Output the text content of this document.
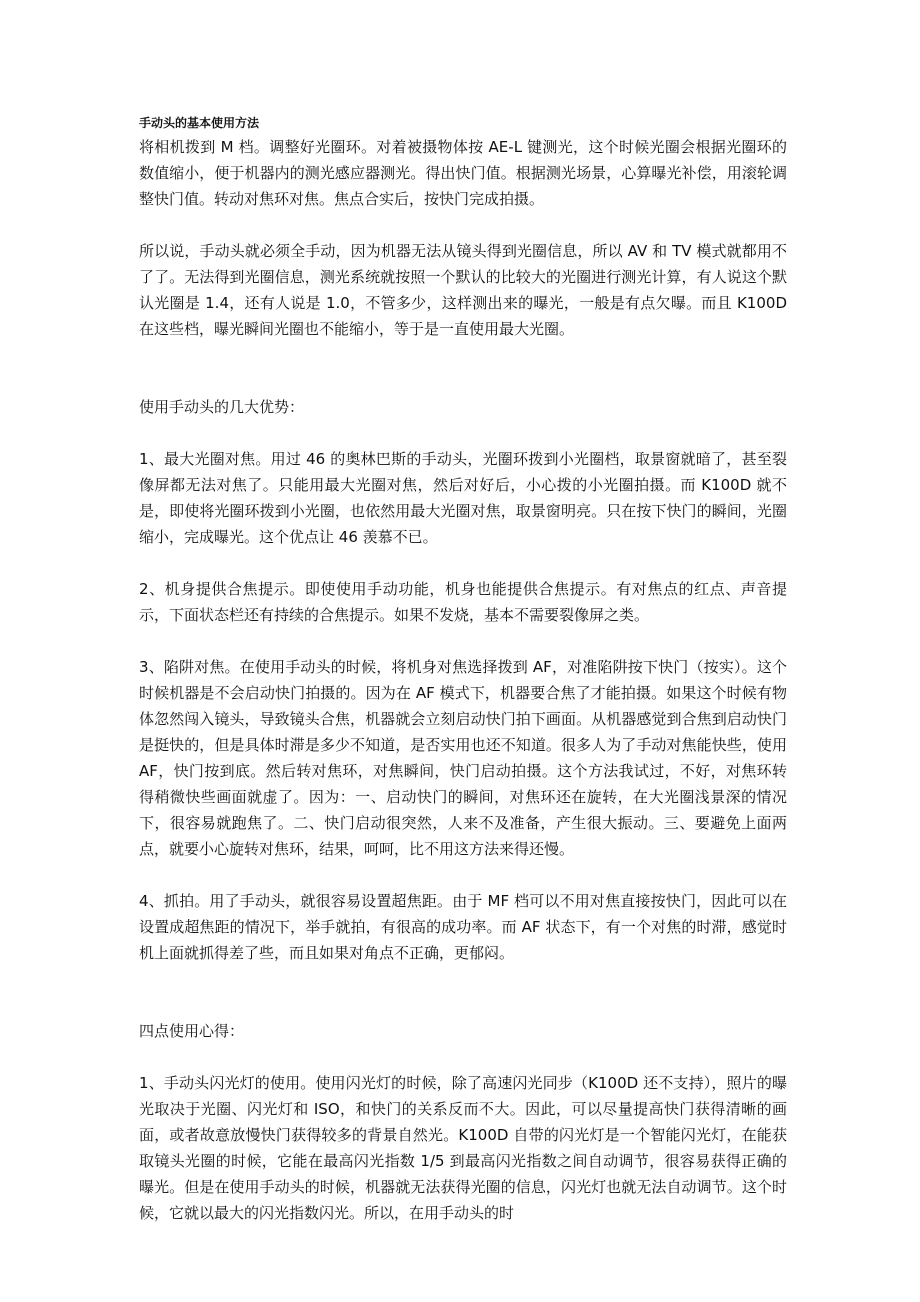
手动头的基本使用方法

将相机拨到 M 档。调整好光圈环。对着被摄物体按 AE-L 键测光，这个时候光圈会根据光圈环的数值缩小，便于机器内的测光感应器测光。得出快门值。根据测光场景，心算曝光补偿，用滚轮调整快门值。转动对焦环对焦。焦点合实后，按快门完成拍摄。

所以说，手动头就必须全手动，因为机器无法从镜头得到光圈信息，所以 AV 和 TV 模式就都用不了了。无法得到光圈信息，测光系统就按照一个默认的比较大的光圈进行测光计算，有人说这个默认光圈是 1.4，还有人说是 1.0，不管多少，这样测出来的曝光，一般是有点欠曝。而且 K100D 在这些档，曝光瞬间光圈也不能缩小，等于是一直使用最大光圈。

使用手动头的几大优势：

1、最大光圈对焦。用过 46 的奥林巴斯的手动头，光圈环拨到小光圈档，取景窗就暗了，甚至裂像屏都无法对焦了。只能用最大光圈对焦，然后对好后，小心拨的小光圈拍摄。而 K100D 就不是，即使将光圈环拨到小光圈，也依然用最大光圈对焦，取景窗明亮。只在按下快门的瞬间，光圈缩小，完成曝光。这个优点让 46 羡慕不已。

2、机身提供合焦提示。即使使用手动功能，机身也能提供合焦提示。有对焦点的红点、声音提示，下面状态栏还有持续的合焦提示。如果不发烧，基本不需要裂像屏之类。

3、陷阱对焦。在使用手动头的时候，将机身对焦选择拨到 AF，对准陷阱按下快门（按实）。这个时候机器是不会启动快门拍摄的。因为在 AF 模式下，机器要合焦了才能拍摄。如果这个时候有物体忽然闯入镜头，导致镜头合焦，机器就会立刻启动快门拍下画面。从机器感觉到合焦到启动快门是挺快的，但是具体时滞是多少不知道，是否实用也还不知道。很多人为了手动对焦能快些，使用 AF，快门按到底。然后转对焦环，对焦瞬间，快门启动拍摄。这个方法我试过，不好，对焦环转得稍微快些画面就虚了。因为：一、启动快门的瞬间，对焦环还在旋转，在大光圈浅景深的情况下，很容易就跑焦了。二、快门启动很突然，人来不及准备，产生很大振动。三、要避免上面两点，就要小心旋转对焦环，结果，呵呵，比不用这方法来得还慢。

4、抓拍。用了手动头，就很容易设置超焦距。由于 MF 档可以不用对焦直接按快门，因此可以在设置成超焦距的情况下，举手就拍，有很高的成功率。而 AF 状态下，有一个对焦的时滞，感觉时机上面就抓得差了些，而且如果对角点不正确，更郁闷。

四点使用心得：

1、手动头闪光灯的使用。使用闪光灯的时候，除了高速闪光同步（K100D 还不支持），照片的曝光取决于光圈、闪光灯和 ISO，和快门的关系反而不大。因此，可以尽量提高快门获得清晰的画面，或者故意放慢快门获得较多的背景自然光。K100D 自带的闪光灯是一个智能闪光灯，在能获取镜头光圈的时候，它能在最高闪光指数 1/5 到最高闪光指数之间自动调节，很容易获得正确的曝光。但是在使用手动头的时候，机器就无法获得光圈的信息，闪光灯也就无法自动调节。这个时候，它就以最大的闪光指数闪光。所以，在用手动头的时
